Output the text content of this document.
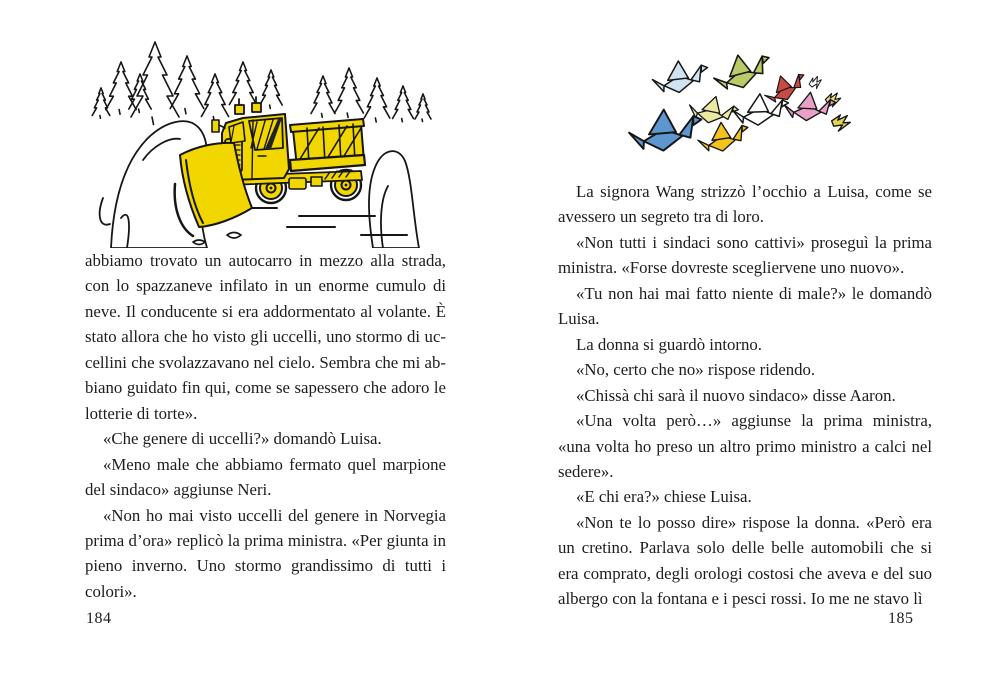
abbiamo trovato un autocarro in mezzo alla strada, con lo spazzaneve infilato in un enorme cumulo di neve. Il conducente si era addormentato al volante. È stato allora che ho visto gli uccelli, uno stormo di uccellini che svolazzavano nel cielo. Sembra che mi abbiano guidato fin qui, come se sapessero che adoro le lotterie di torte».

«Che genere di uccelli?» domandò Luisa.

«Meno male che abbiamo fermato quel marpione del sindaco» aggiunse Neri.

«Non ho mai visto uccelli del genere in Norvegia prima d’ora» replicò la prima ministra. «Per giunta in pieno inverno. Uno stormo grandissimo di tutti i colori».

184

La signora Wang strizzò l’occhio a Luisa, come se avessero un segreto tra di loro.

«Non tutti i sindaci sono cattivi» proseguì la prima ministra. «Forse dovreste scegliervene uno nuovo».

«Tu non hai mai fatto niente di male?» le domandò Luisa.

La donna si guardò intorno.

«No, certo che no» rispose ridendo.

«Chissà chi sarà il nuovo sindaco» disse Aaron.

«Una volta però…» aggiunse la prima ministra, «una volta ho preso un altro primo ministro a calci nel sedere».

«E chi era?» chiese Luisa.

«Non te lo posso dire» rispose la donna. «Però era un cretino. Parlava solo delle belle automobili che si era comprato, degli orologi costosi che aveva e del suo albergo con la fontana e i pesci rossi. Io me ne stavo lì

185
